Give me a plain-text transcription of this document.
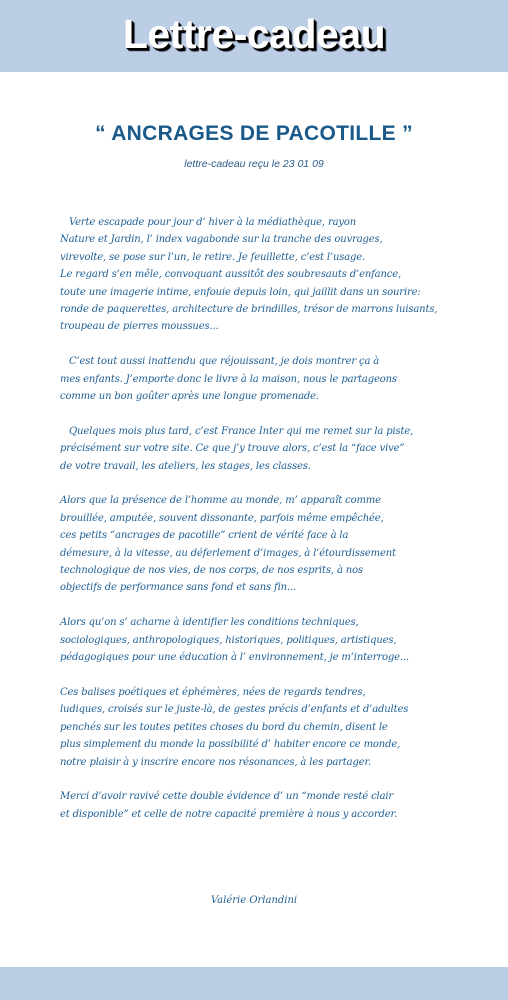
Lettre-cadeau
“ ANCRAGES DE PACOTILLE ”
lettre-cadeau reçu le 23 01 09
Verte escapade pour jour d’ hiver à la médiathèque, rayon
Nature et Jardin, l’ index vagabonde sur la tranche des ouvrages,
virevolte, se pose sur l’un, le retire. Je feuillette, c’est l’usage.
Le regard s’en mêle, convoquant aussitôt des soubresauts d’enfance,
toute une imagerie intime, enfouie depuis loin, qui jaillit dans un sourire:
ronde de paquerettes, architecture de brindilles, trésor de marrons luisants,
troupeau de pierres moussues...
C’est tout aussi inattendu que réjouissant, je dois montrer ça à
mes enfants. J’emporte donc le livre à la maison, nous le partageons
comme un bon goûter après une longue promenade.
Quelques mois plus tard, c’est France Inter qui me remet sur la piste,
précisément sur votre site. Ce que j’y trouve alors, c’est la “face vive”
de votre travail, les ateliers, les stages, les classes.
Alors que la présence de l’homme au monde, m’ apparaît comme
brouillée, amputée, souvent dissonante, parfois même empêchée,
ces petits “ancrages de pacotille” crient de vérité face à la
démesure, à la vitesse, au déferlement d’images, à l’étourdissement
technologique de nos vies, de nos corps, de nos esprits, à nos
objectifs de performance sans fond et sans fin...
Alors qu’on s’ acharne à identifier les conditions techniques,
sociologiques, anthropologiques, historiques, politiques, artistiques,
pédagogiques pour une éducation à l’ environnement, je m’interroge...
Ces balises poétiques et éphémères, nées de regards tendres,
ludiques, croisés sur le juste-là, de gestes précis d’enfants et d’adultes
penchés sur les toutes petites choses du bord du chemin, disent le
plus simplement du monde la possibilité d’ habiter encore ce monde,
notre plaisir à y inscrire encore nos résonances, à les partager.
Merci d’avoir ravivé cette double évidence d’ un “monde resté clair
et disponible” et celle de notre capacité première à nous y accorder.
Valérie Orlandini
